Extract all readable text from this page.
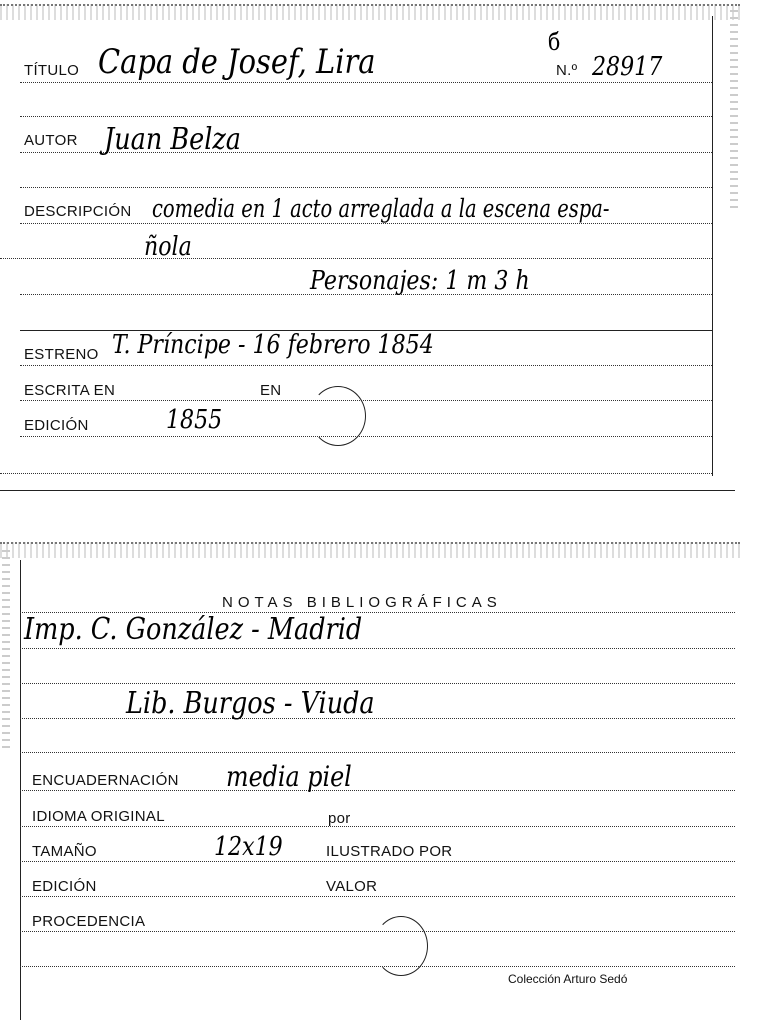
TÍTULO Capa de Josef, Lira	б
N.º 28917
AUTOR Juan Belza
DESCRIPCIÓN comedia en 1 acto arreglada a la escena espa-
ñola
Personajes: 1 m 3 h
ESTRENO T. Príncipe - 16 febrero 1854
ESCRITA EN	EN
EDICIÓN	1855
NOTAS BIBLIOGRÁFICAS
Imp. C. González - Madrid
Lib. Burgos - Viuda
ENCUADERNACIÓN media piel
IDIOMA ORIGINAL	por
TAMAÑO	12x19	ILUSTRADO POR
EDICIÓN	VALOR
PROCEDENCIA
Colección Arturo Sedó
